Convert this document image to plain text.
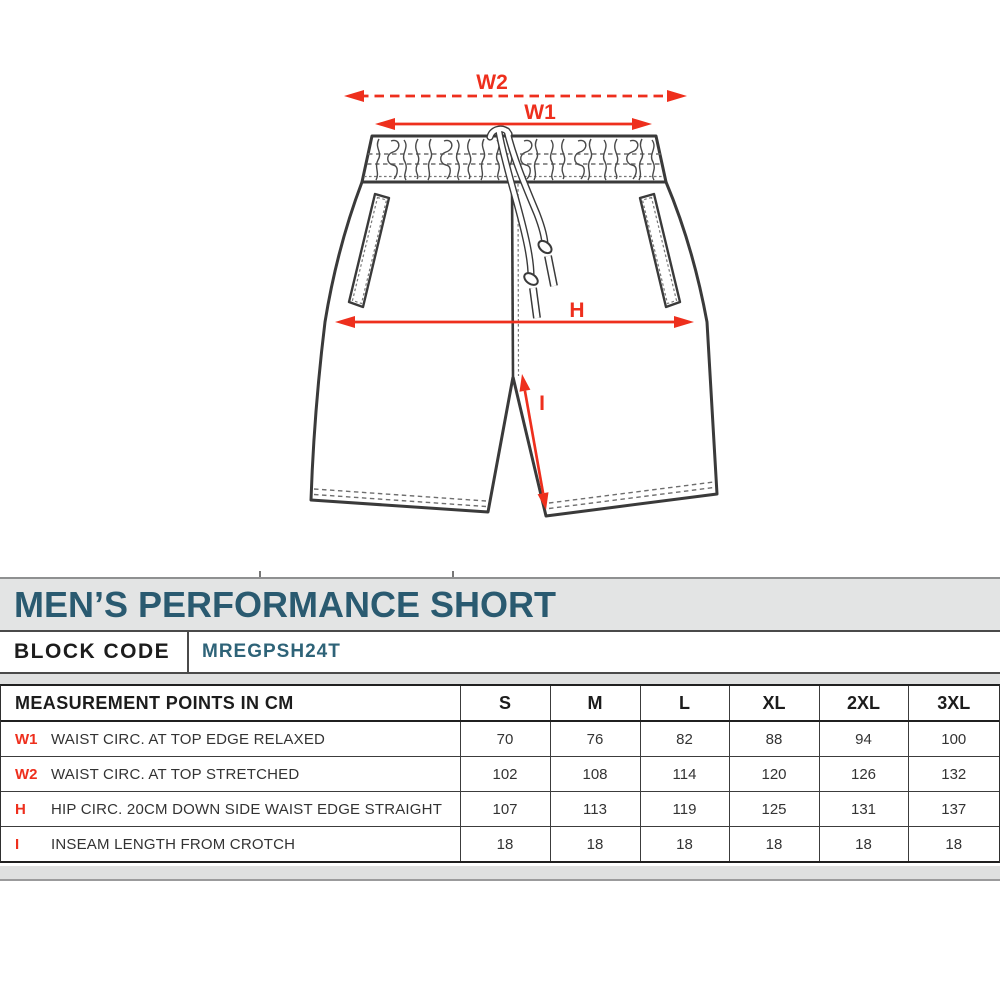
W2
W1
H
I
MEN’S PERFORMANCE SHORT
BLOCK CODE MREGPSH24T
MEASUREMENT POINTS IN CM	S	M	L	XL	2XL	3XL
W1 WAIST CIRC. AT TOP EDGE RELAXED	70	76	82	88	94	100
W2 WAIST CIRC. AT TOP STRETCHED	102	108	114	120	126	132
H	HIP CIRC. 20CM DOWN SIDE WAIST EDGE STRAIGHT	107	113	119	125	131	137
I	INSEAM LENGTH FROM CROTCH	18	18	18	18	18	18
